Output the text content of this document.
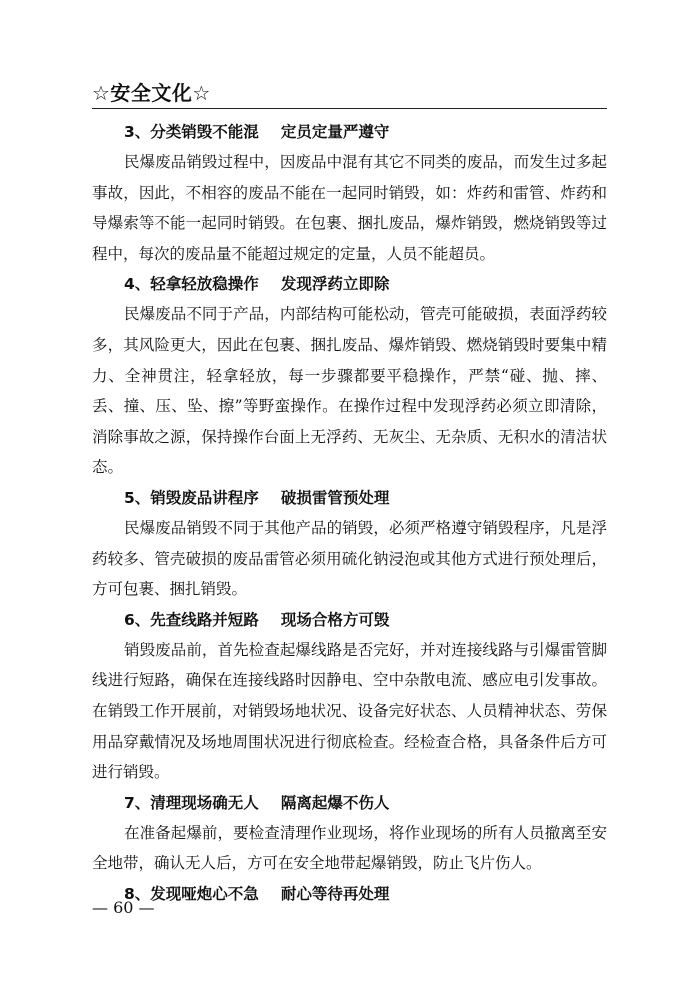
☆安全文化☆
3、分类销毁不能混 定员定量严遵守

民爆废品销毁过程中，因废品中混有其它不同类的废品，而发生过多起事故，因此，不相容的废品不能在一起同时销毁，如：炸药和雷管、炸药和导爆索等不能一起同时销毁。在包裹、捆扎废品，爆炸销毁，燃烧销毁等过程中，每次的废品量不能超过规定的定量，人员不能超员。

4、轻拿轻放稳操作 发现浮药立即除

民爆废品不同于产品，内部结构可能松动，管壳可能破损，表面浮药较多，其风险更大，因此在包裹、捆扎废品、爆炸销毁、燃烧销毁时要集中精力、全神贯注，轻拿轻放，每一步骤都要平稳操作，严禁“碰、抛、摔、丢、撞、压、坠、擦”等野蛮操作。在操作过程中发现浮药必须立即清除，消除事故之源，保持操作台面上无浮药、无灰尘、无杂质、无积水的清洁状态。

5、销毁废品讲程序 破损雷管预处理

民爆废品销毁不同于其他产品的销毁，必须严格遵守销毁程序，凡是浮药较多、管壳破损的废品雷管必须用硫化钠浸泡或其他方式进行预处理后，方可包裹、捆扎销毁。

6、先查线路并短路 现场合格方可毁

销毁废品前，首先检查起爆线路是否完好，并对连接线路与引爆雷管脚线进行短路，确保在连接线路时因静电、空中杂散电流、感应电引发事故。在销毁工作开展前，对销毁场地状况、设备完好状态、人员精神状态、劳保用品穿戴情况及场地周围状况进行彻底检查。经检查合格，具备条件后方可进行销毁。

7、清理现场确无人 隔离起爆不伤人

在准备起爆前，要检查清理作业现场，将作业现场的所有人员撤离至安全地带，确认无人后，方可在安全地带起爆销毁，防止飞片伤人。

8、发现哑炮心不急 耐心等待再处理
— 60 —
